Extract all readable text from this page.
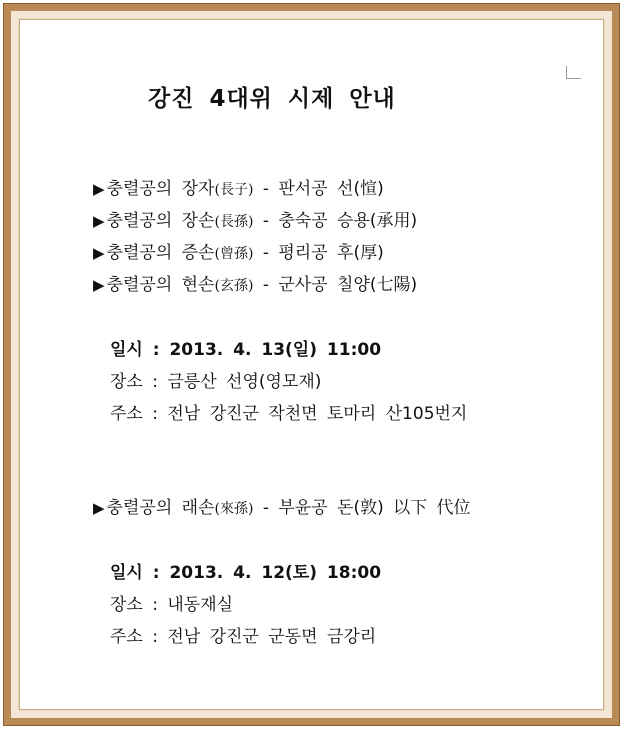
강진 4대위 시제 안내
▶ 충렬공의 장자(長子) - 판서공 선(愃)
▶ 충렬공의 장손(長孫) - 충숙공 승용(承用)
▶ 충렬공의 증손(曾孫) - 평리공 후(厚)
▶ 충렬공의 현손(玄孫) - 군사공 칠양(七陽)
일시 : 2013. 4. 13(일) 11:00
장소 : 금릉산 선영(영모재)
주소 : 전남 강진군 작천면 토마리 산105번지
▶ 충렬공의 래손(來孫) - 부윤공 돈(敦) 以下 代位
일시 : 2013. 4. 12(토) 18:00
장소 : 내동재실
주소 : 전남 강진군 군동면 금강리
